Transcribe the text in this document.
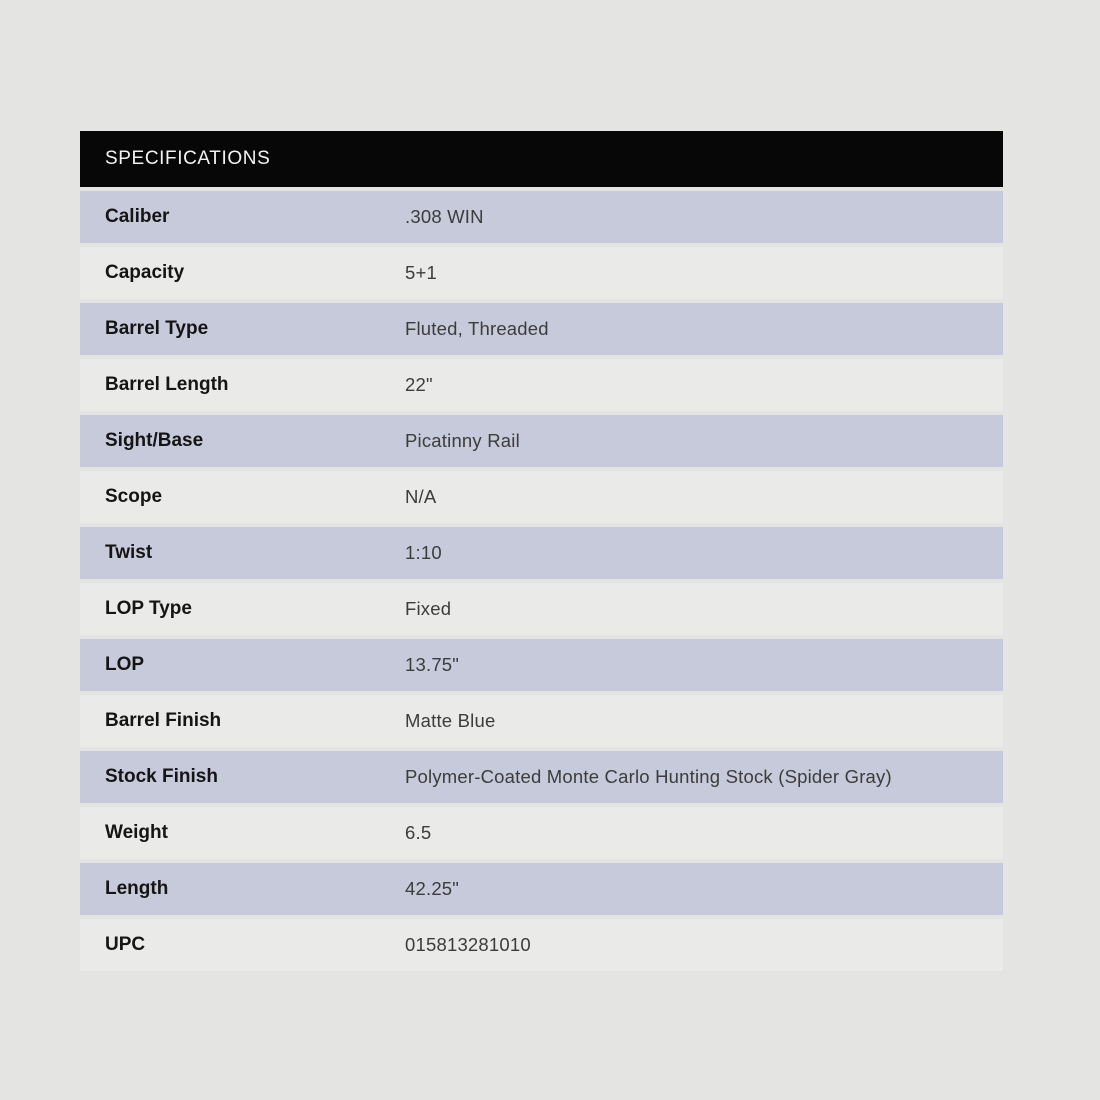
SPECIFICATIONS
Caliber	.308 WIN
Capacity	5+1
Barrel Type	Fluted, Threaded
Barrel Length	22"
Sight/Base	Picatinny Rail
Scope	N/A
Twist	1:10
LOP Type	Fixed
LOP	13.75"
Barrel Finish	Matte Blue
Stock Finish	Polymer-Coated Monte Carlo Hunting Stock (Spider Gray)
Weight	6.5
Length	42.25"
UPC	015813281010
